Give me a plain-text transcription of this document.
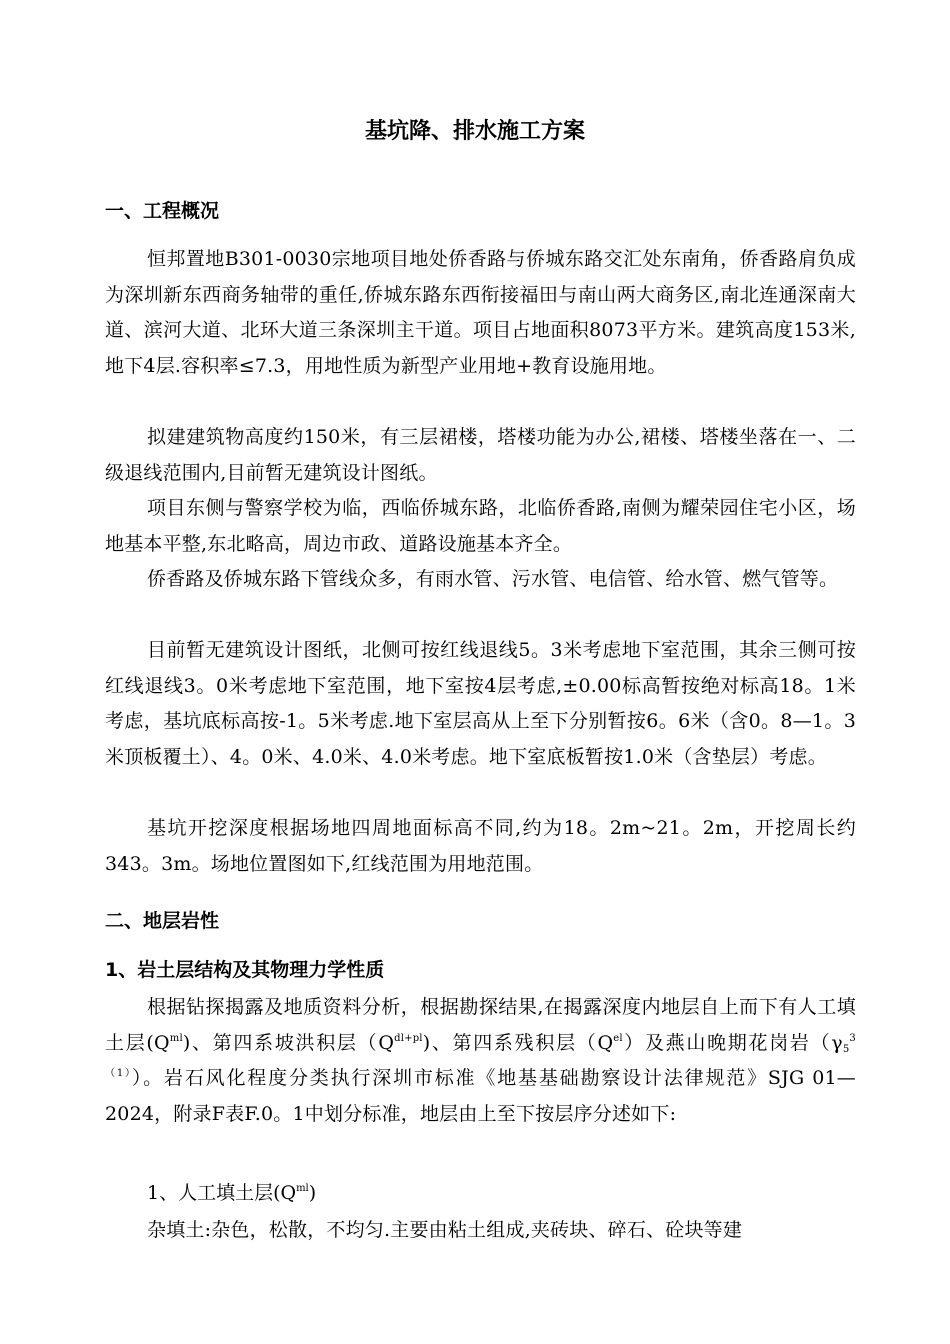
基坑降、排水施工方案
一、工程概况
恒邦置地B301-0030宗地项目地处侨香路与侨城东路交汇处东南角，侨香路肩负成为深圳新东西商务轴带的重任,侨城东路东西衔接福田与南山两大商务区,南北连通深南大道、滨河大道、北环大道三条深圳主干道。项目占地面积8073平方米。建筑高度153米,地下4层.容积率≤7.3，用地性质为新型产业用地+教育设施用地。
拟建建筑物高度约150米，有三层裙楼，塔楼功能为办公,裙楼、塔楼坐落在一、二级退线范围内,目前暂无建筑设计图纸。
项目东侧与警察学校为临，西临侨城东路，北临侨香路,南侧为耀荣园住宅小区，场地基本平整,东北略高，周边市政、道路设施基本齐全。
侨香路及侨城东路下管线众多，有雨水管、污水管、电信管、给水管、燃气管等。
目前暂无建筑设计图纸，北侧可按红线退线5。3米考虑地下室范围，其余三侧可按红线退线3。0米考虑地下室范围，地下室按4层考虑,±0.00标高暂按绝对标高18。1米考虑，基坑底标高按-1。5米考虑.地下室层高从上至下分别暂按6。6米（含0。8—1。3米顶板覆土）、4。0米、4.0米、4.0米考虑。地下室底板暂按1.0米（含垫层）考虑。
基坑开挖深度根据场地四周地面标高不同,约为18。2m~21。2m，开挖周长约343。3m。场地位置图如下,红线范围为用地范围。
二、地层岩性
1、岩土层结构及其物理力学性质
根据钻探揭露及地质资料分析，根据勘探结果,在揭露深度内地层自上而下有人工填土层$(Q^{ml})$、第四系坡洪积层$(Q^{dl+pl})$、第四系残积层$(Q^{el})$及燕山晚期花岗岩$(\gamma_5^{3(1)})$。岩石风化程度分类执行深圳市标准《地基基础勘察设计法律规范》SJG 01—2024，附录F表F.0。1中划分标准，地层由上至下按层序分述如下:
1、人工填土层$(Q^{ml})$
杂填土:杂色，松散，不均匀.主要由粘土组成,夹砖块、碎石、砼块等建
